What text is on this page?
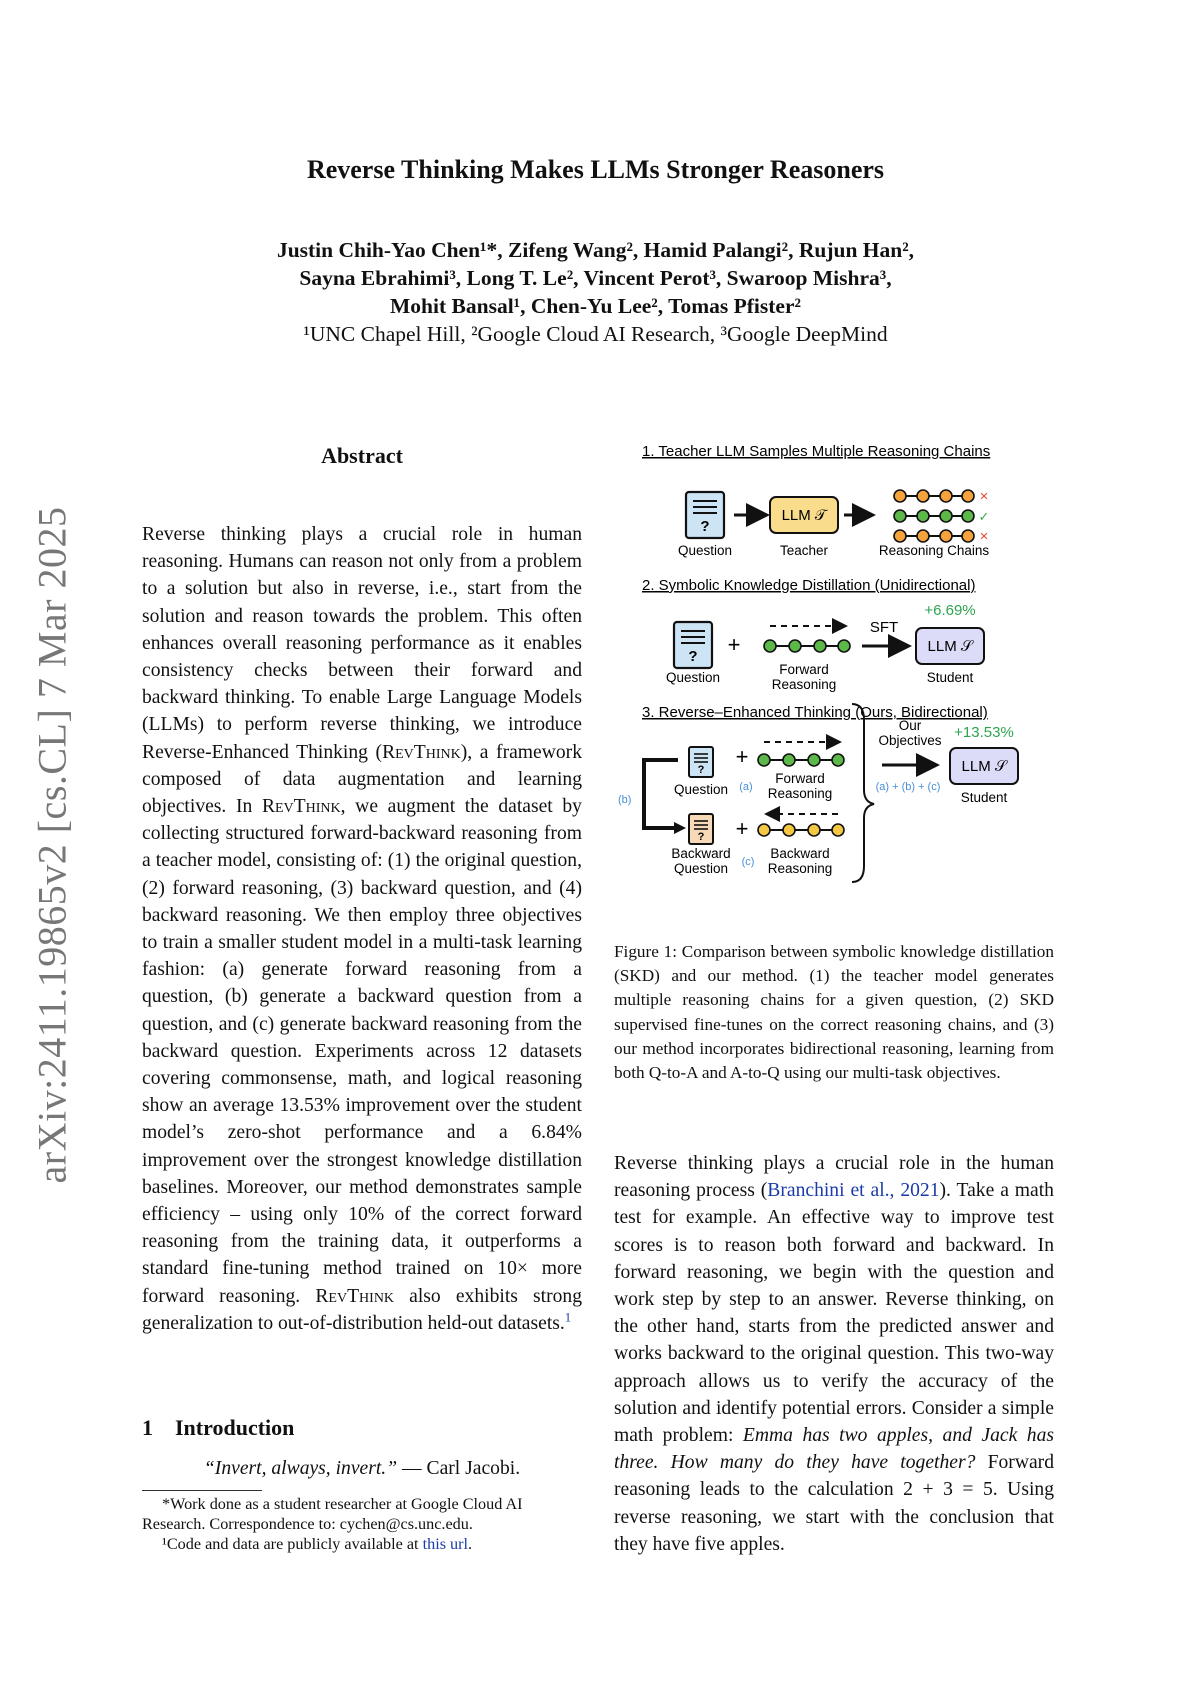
arXiv:2411.19865v2 [cs.CL] 7 Mar 2025
Reverse Thinking Makes LLMs Stronger Reasoners
Justin Chih-Yao Chen¹*, Zifeng Wang², Hamid Palangi², Rujun Han²,
Sayna Ebrahimi³, Long T. Le², Vincent Perot³, Swaroop Mishra³,
Mohit Bansal¹, Chen-Yu Lee², Tomas Pfister²
¹UNC Chapel Hill, ²Google Cloud AI Research, ³Google DeepMind
Abstract

Reverse thinking plays a crucial role in human reasoning. Humans can reason not only from a problem to a solution but also in reverse, i.e., start from the solution and reason towards the problem. This often enhances overall reasoning performance as it enables consistency checks between their forward and backward thinking. To enable Large Language Models (LLMs) to perform reverse thinking, we introduce Reverse-Enhanced Thinking (RevThink), a framework composed of data augmentation and learning objectives. In RevThink, we augment the dataset by collecting structured forward-backward reasoning from a teacher model, consisting of: (1) the original question, (2) forward reasoning, (3) backward question, and (4) backward reasoning. We then employ three objectives to train a smaller student model in a multi-task learning fashion: (a) generate forward reasoning from a question, (b) generate a backward question from a question, and (c) generate backward reasoning from the backward question. Experiments across 12 datasets covering commonsense, math, and logical reasoning show an average 13.53% improvement over the student model’s zero-shot performance and a 6.84% improvement over the strongest knowledge distillation baselines. Moreover, our method demonstrates sample efficiency – using only 10% of the correct forward reasoning from the training data, it outperforms a standard fine-tuning method trained on 10× more forward reasoning. RevThink also exhibits strong generalization to out-of-distribution held-out datasets.$^1$

1 Introduction
“Invert, always, invert.” — Carl Jacobi.

*Work done as a student researcher at Google Cloud AI Research. Correspondence to: cychen@cs.unc.edu.

¹Code and data are publicly available at this url.

1. Teacher LLM Samples Multiple Reasoning Chains
?
Question
LLM 𝒯
Teacher
×
✓
×
Reasoning Chains
2. Symbolic Knowledge Distillation (Unidirectional)
?
Question
+
Forward
Reasoning
SFT
+6.69%
LLM 𝒮
Student
3. Reverse–Enhanced Thinking (Ours, Bidirectional)
(b)
?
Question
+
(a)
Forward
Reasoning
?
Backward
Question
+
(c)
Backward
Reasoning
Our
Objectives
(a) + (b) + (c)
+13.53%
LLM 𝒮
Student
Figure 1: Comparison between symbolic knowledge distillation (SKD) and our method. (1) the teacher model generates multiple reasoning chains for a given question, (2) SKD supervised fine-tunes on the correct reasoning chains, and (3) our method incorporates bidirectional reasoning, learning from both Q-to-A and A-to-Q using our multi-task objectives.

Reverse thinking plays a crucial role in the human reasoning process (Branchini et al., 2021). Take a math test for example. An effective way to improve test scores is to reason both forward and backward. In forward reasoning, we begin with the question and work step by step to an answer. Reverse thinking, on the other hand, starts from the predicted answer and works backward to the original question. This two-way approach allows us to verify the accuracy of the solution and identify potential errors. Consider a simple math problem: Emma has two apples, and Jack has three. How many do they have together? Forward reasoning leads to the calculation 2 + 3 = 5. Using reverse reasoning, we start with the conclusion that they have five apples.
